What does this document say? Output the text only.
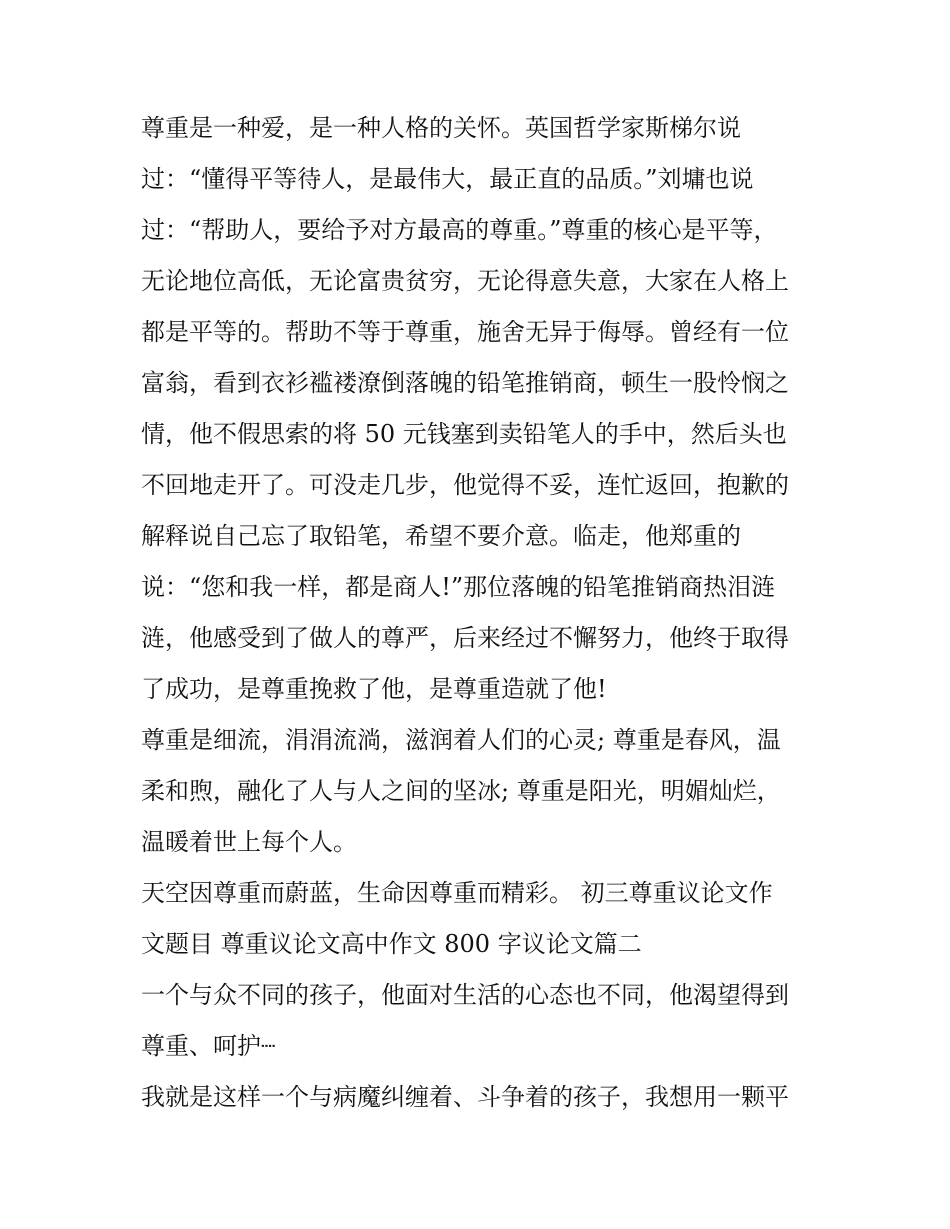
尊重是一种爱，是一种人格的关怀。英国哲学家斯梯尔说
过：“懂得平等待人，是最伟大，最正直的品质。”刘墉也说
过：“帮助人，要给予对方最高的尊重。”尊重的核心是平等，
无论地位高低，无论富贵贫穷，无论得意失意，大家在人格上
都是平等的。帮助不等于尊重，施舍无异于侮辱。曾经有一位
富翁，看到衣衫褴褛潦倒落魄的铅笔推销商，顿生一股怜悯之
情，他不假思索的将 50 元钱塞到卖铅笔人的手中，然后头也
不回地走开了。可没走几步，他觉得不妥，连忙返回，抱歉的
解释说自己忘了取铅笔，希望不要介意。临走，他郑重的
说：“您和我一样，都是商人!”那位落魄的铅笔推销商热泪涟
涟，他感受到了做人的尊严，后来经过不懈努力，他终于取得
了成功，是尊重挽救了他，是尊重造就了他!
尊重是细流，涓涓流淌，滋润着人们的心灵; 尊重是春风，温
柔和煦，融化了人与人之间的坚冰; 尊重是阳光，明媚灿烂，
温暖着世上每个人。
天空因尊重而蔚蓝，生命因尊重而精彩。 初三尊重议论文作
文题目 尊重议论文高中作文 800 字议论文篇二
一个与众不同的孩子，他面对生活的心态也不同，他渴望得到
尊重、呵护┈
我就是这样一个与病魔纠缠着、斗争着的孩子，我想用一颗平
